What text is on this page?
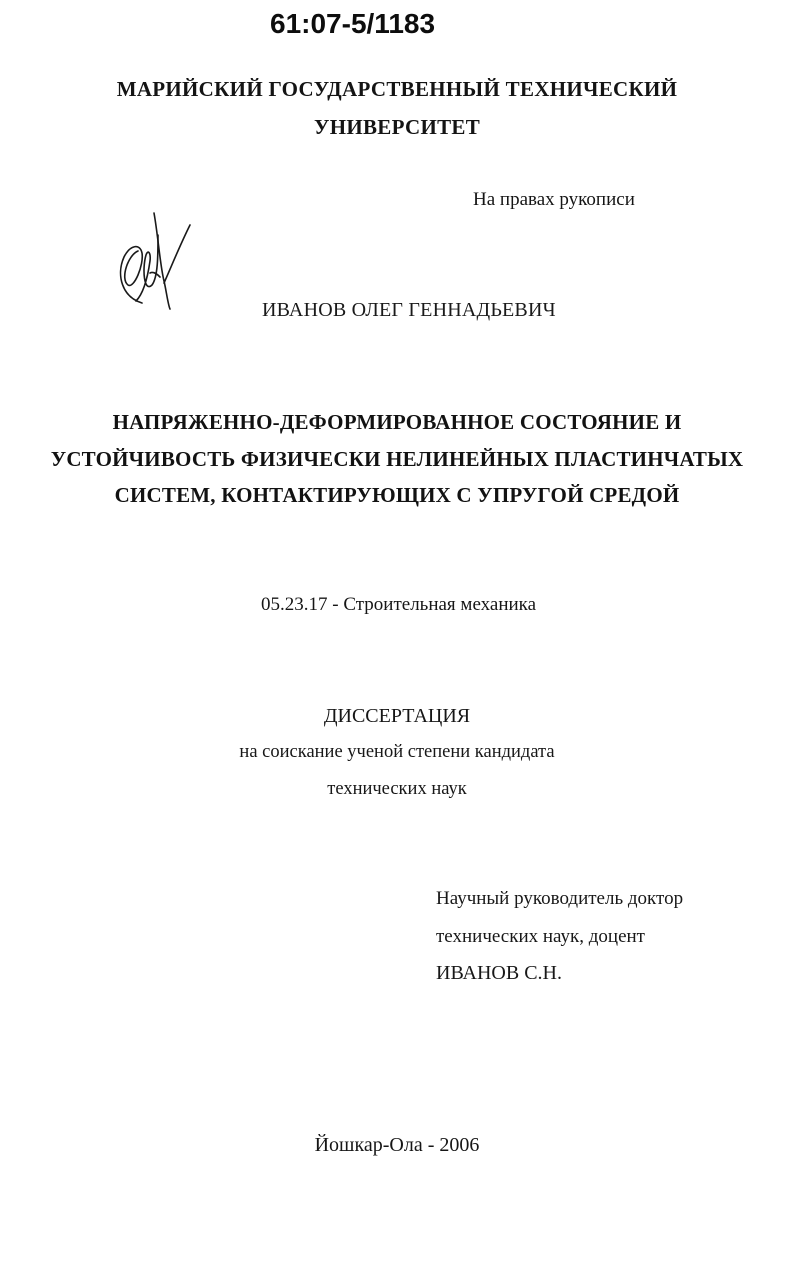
61:07-5/1183
МАРИЙСКИЙ ГОСУДАРСТВЕННЫЙ ТЕХНИЧЕСКИЙ
УНИВЕРСИТЕТ
На правах рукописи
ИВАНОВ ОЛЕГ ГЕННАДЬЕВИЧ
НАПРЯЖЕННО-ДЕФОРМИРОВАННОЕ СОСТОЯНИЕ И
УСТОЙЧИВОСТЬ ФИЗИЧЕСКИ НЕЛИНЕЙНЫХ ПЛАСТИНЧАТЫХ
СИСТЕМ, КОНТАКТИРУЮЩИХ С УПРУГОЙ СРЕДОЙ
05.23.17 - Строительная механика
ДИССЕРТАЦИЯ
на соискание ученой степени кандидата
технических наук
Научный руководитель доктор
технических наук, доцент
ИВАНОВ С.Н.
Йошкар-Ола - 2006
